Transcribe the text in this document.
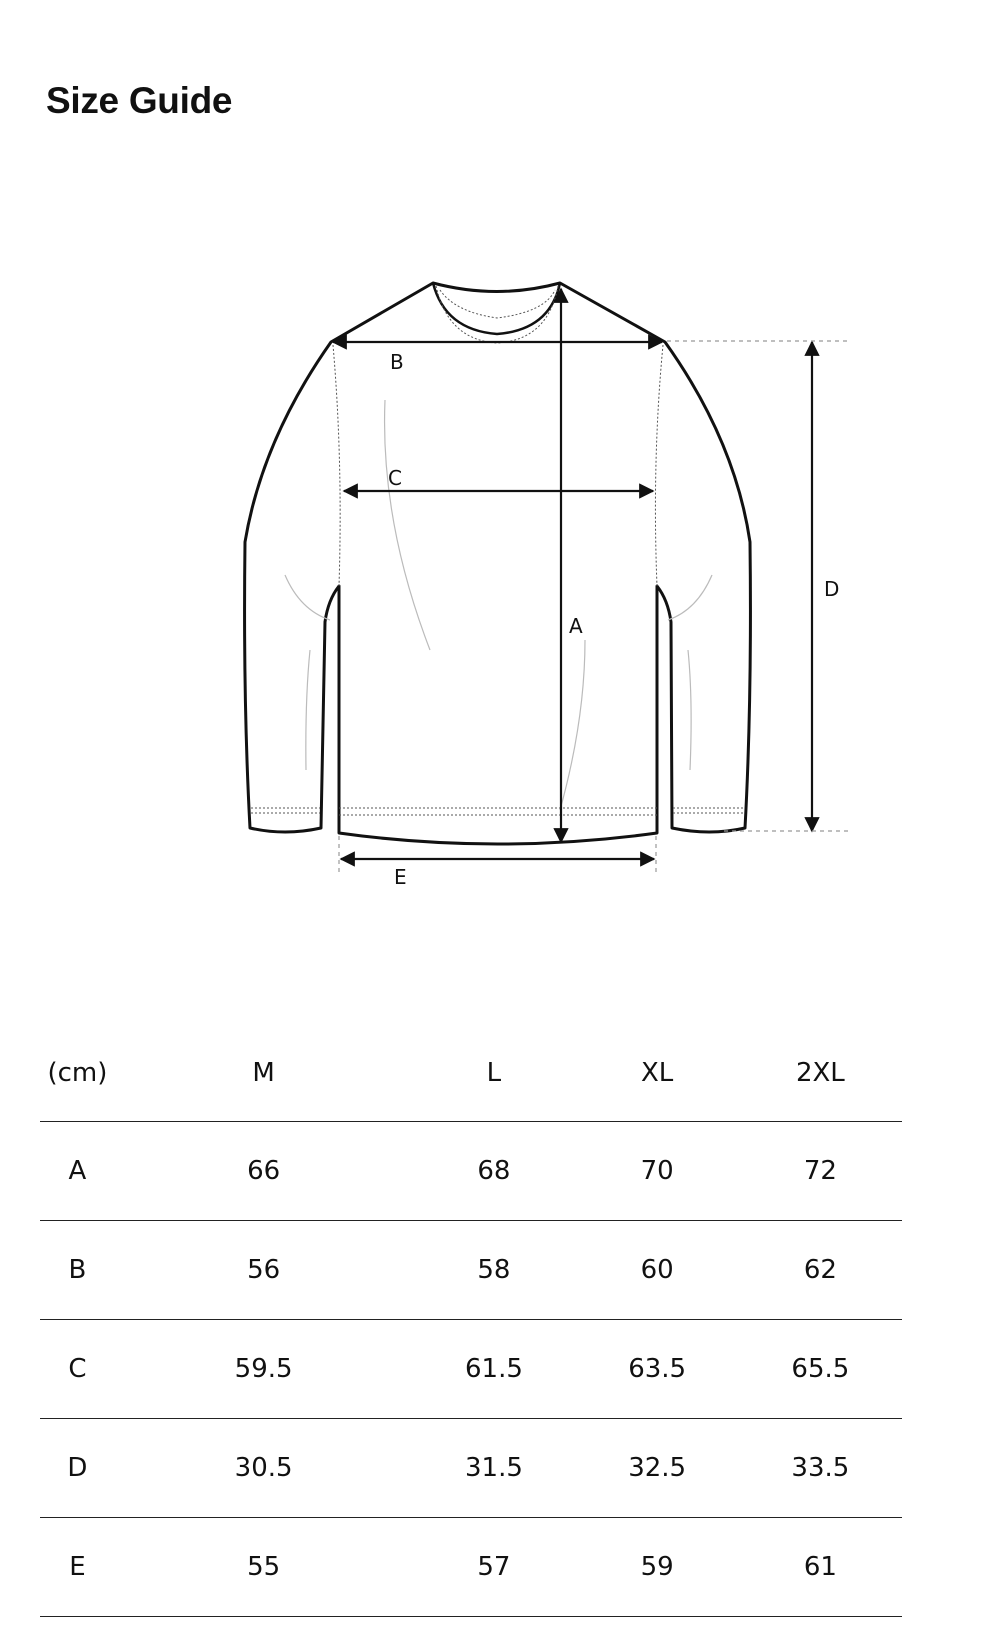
Size Guide
B
C
A
D
E
(cm)	M	L	XL	2XL
A	66	68	70	72
B	56	58	60	62
C	59.5	61.5	63.5	65.5
D	30.5	31.5	32.5	33.5
E	55	57	59	61
